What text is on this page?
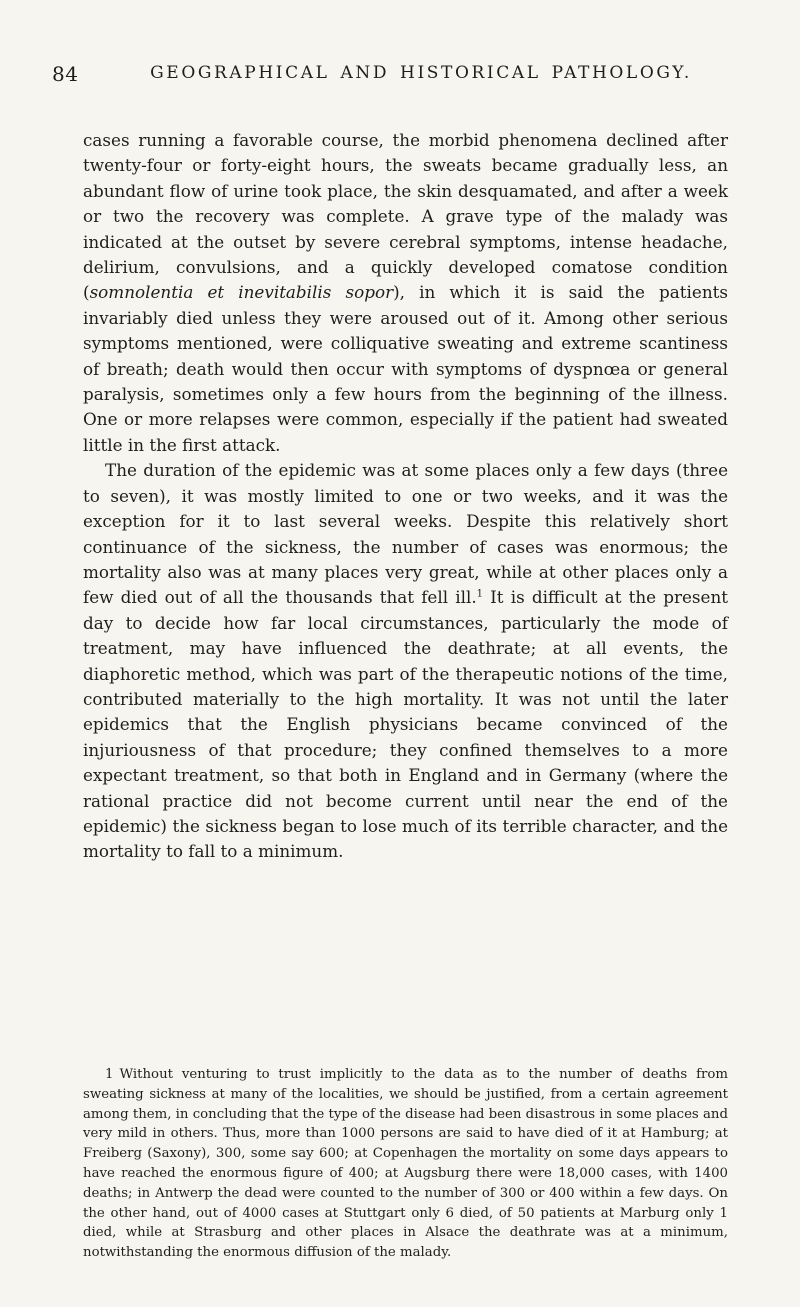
84	GEOGRAPHICAL AND HISTORICAL PATHOLOGY.

cases running a favorable course, the morbid phenomena declined after twenty-four or forty-eight hours, the sweats became gradually less, an abundant flow of urine took place, the skin desquamated, and after a week or two the recovery was complete. A grave type of the malady was indicated at the outset by severe cerebral symptoms, intense headache, delirium, convulsions, and a quickly developed comatose condition (somnolentia et inevitabilis sopor), in which it is said the patients invariably died unless they were aroused out of it. Among other serious symptoms mentioned, were colliquative sweating and extreme scantiness of breath; death would then occur with symptoms of dyspnœa or general paralysis, sometimes only a few hours from the beginning of the illness. One or more relapses were common, especially if the patient had sweated little in the first attack.

The duration of the epidemic was at some places only a few days (three to seven), it was mostly limited to one or two weeks, and it was the exception for it to last several weeks. Despite this relatively short continuance of the sickness, the number of cases was enormous; the mortality also was at many places very great, while at other places only a few died out of all the thousands that fell ill.$^1$ It is difficult at the present day to decide how far local circumstances, particularly the mode of treatment, may have influenced the deathrate; at all events, the diaphoretic method, which was part of the therapeutic notions of the time, contributed materially to the high mortality. It was not until the later epidemics that the English physicians became convinced of the injuriousness of that procedure; they confined themselves to a more expectant treatment, so that both in England and in Germany (where the rational practice did not become current until near the end of the epidemic) the sickness began to lose much of its terrible character, and the mortality to fall to a minimum.

1 Without venturing to trust implicitly to the data as to the number of deaths from sweating sickness at many of the localities, we should be justified, from a certain agreement among them, in concluding that the type of the disease had been disastrous in some places and very mild in others. Thus, more than 1000 persons are said to have died of it at Hamburg; at Freiberg (Saxony), 300, some say 600; at Copenhagen the mortality on some days appears to have reached the enormous figure of 400; at Augsburg there were 18,000 cases, with 1400 deaths; in Antwerp the dead were counted to the number of 300 or 400 within a few days. On the other hand, out of 4000 cases at Stuttgart only 6 died, of 50 patients at Marburg only 1 died, while at Strasburg and other places in Alsace the deathrate was at a minimum, notwithstanding the enormous diffusion of the malady.
